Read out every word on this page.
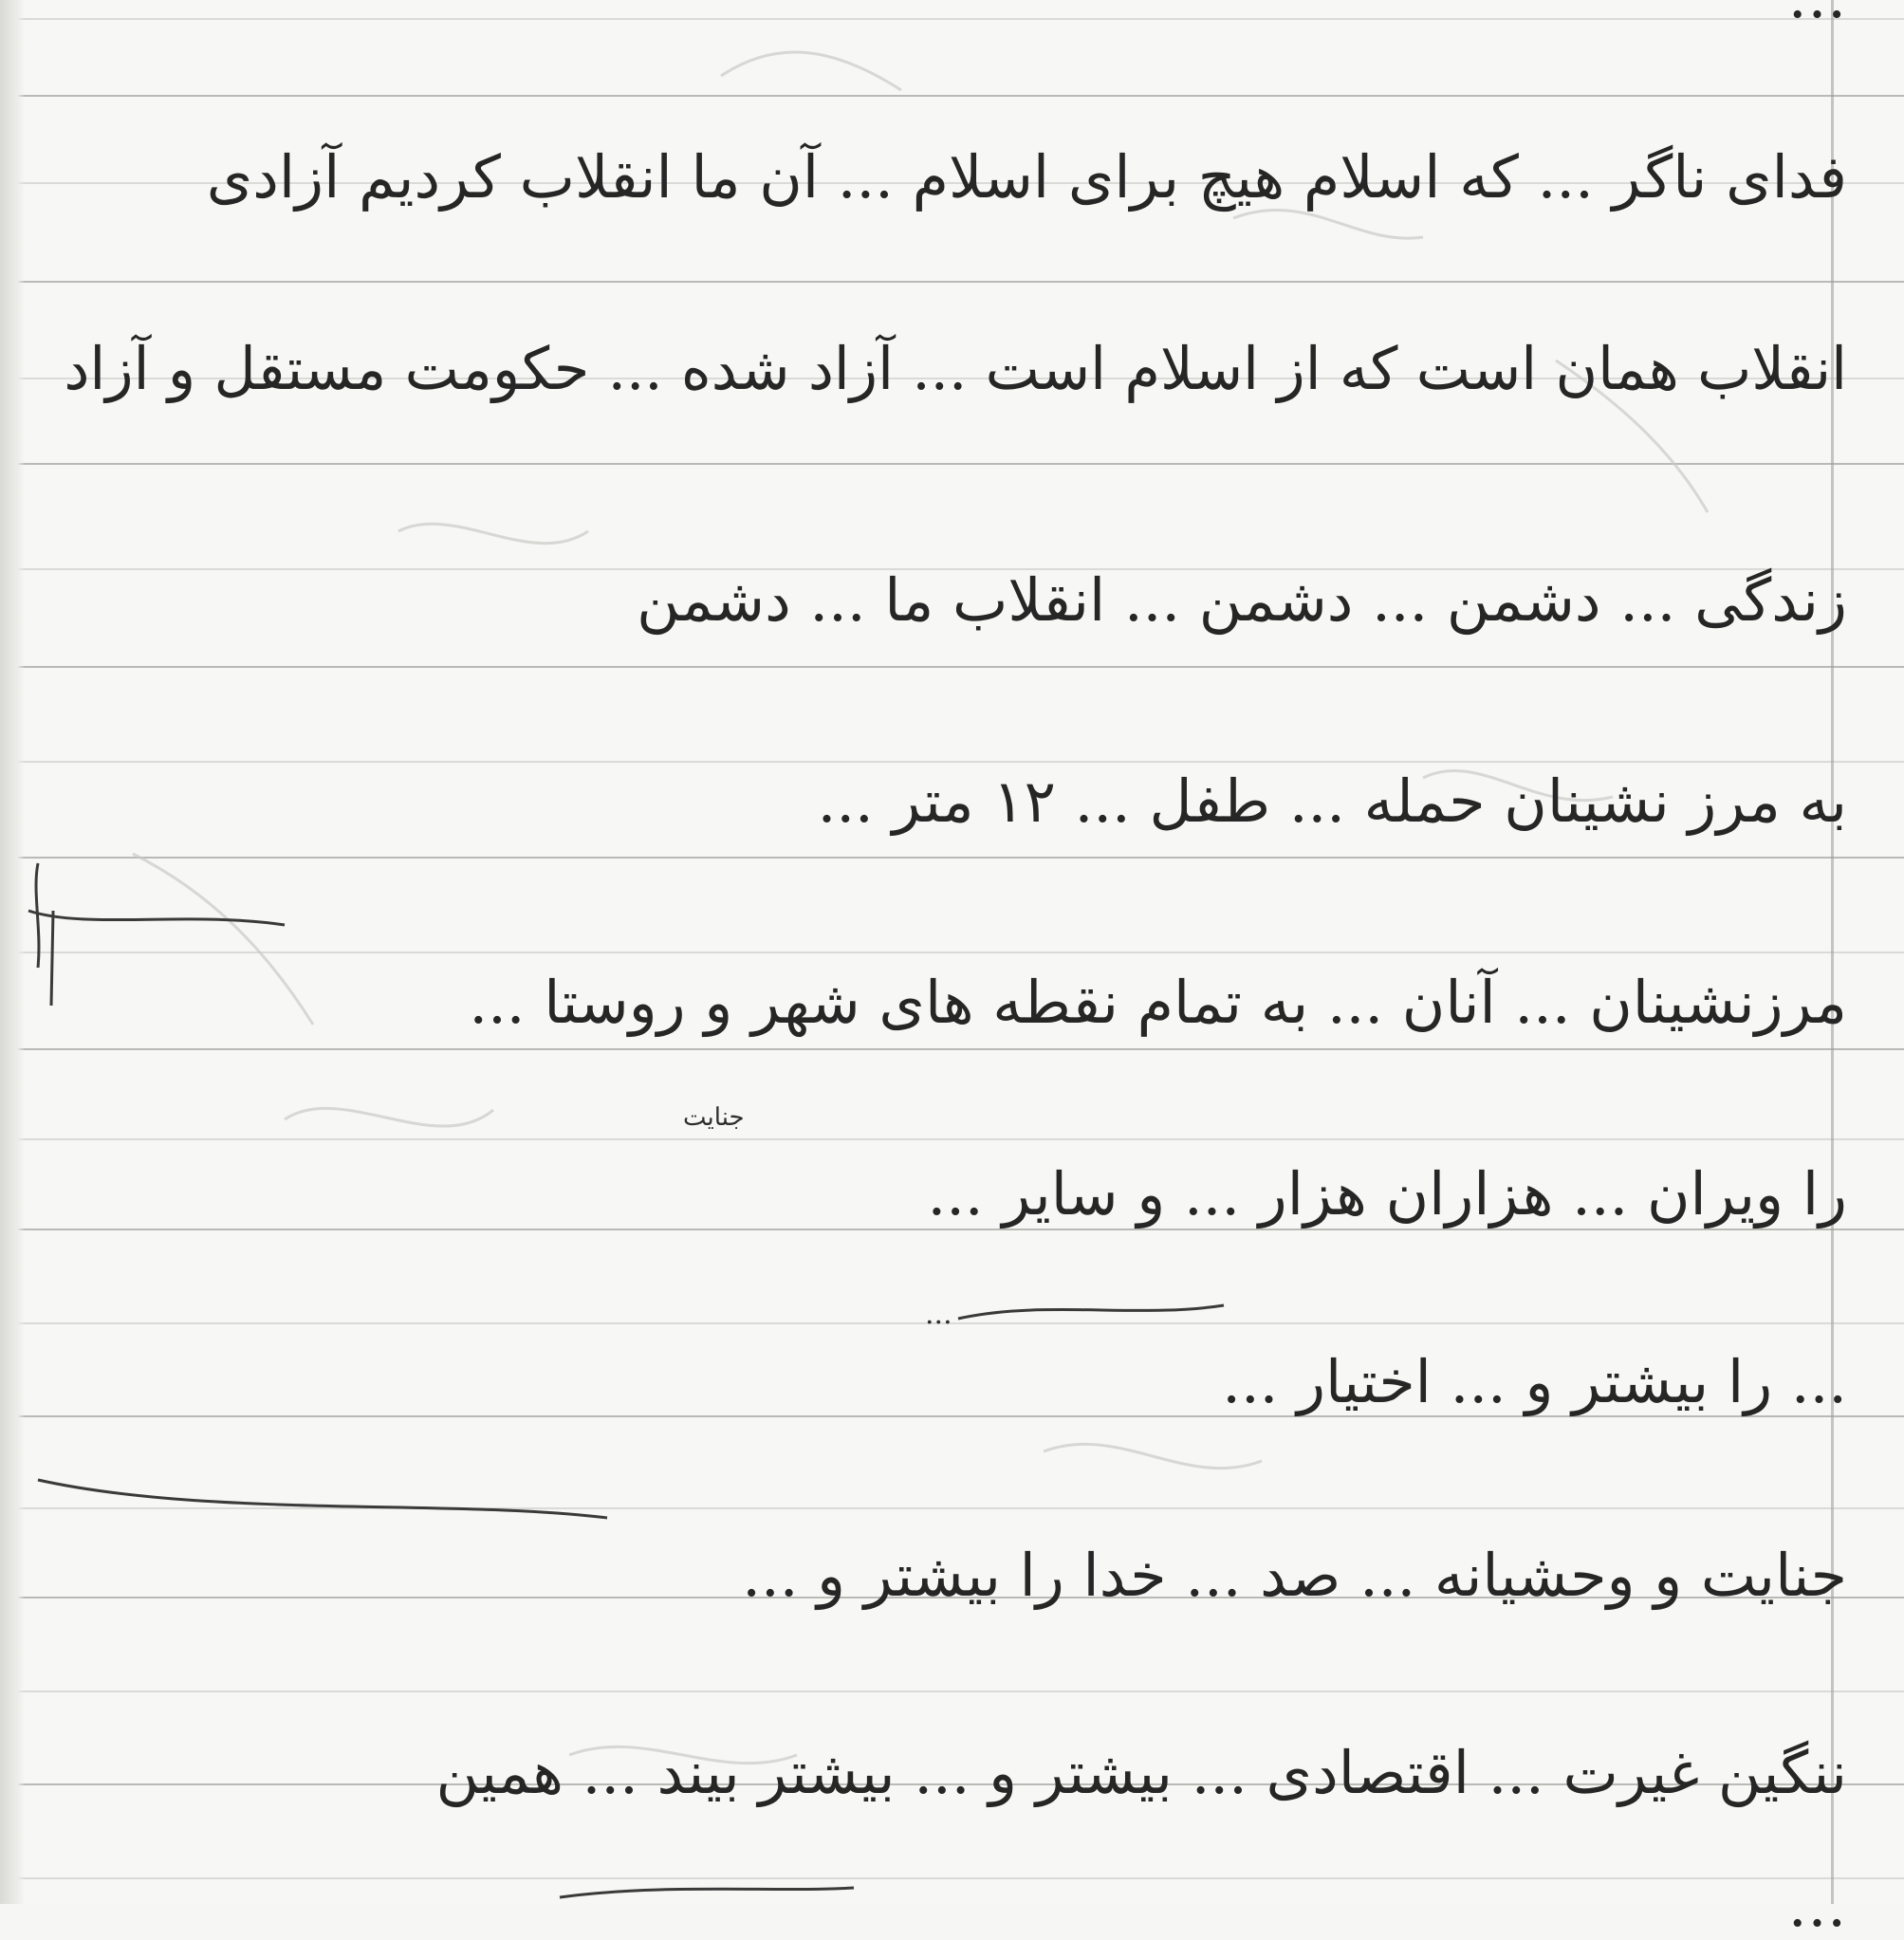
فدای ناگر ... که اسلام هیچ برای اسلام ... آن ما انقلاب کردیم آزادی
انقلاب همان است که از اسلام است ... آزاد شده ... حکومت مستقل و آزاد
زندگی ... دشمن ... دشمن ... انقلاب ما ... دشمن
به مرز نشینان حمله ... طفل ... ۱۲ متر ...
مرزنشینان ... آنان ... به تمام نقطه های شهر و روستا ...
را ویران ... هزاران هزار ... و سایر ...
... را بیشتر و ... اختیار ...
جنایت و وحشیانه ... صد ... خدا را بیشتر و ...
ننگین غیرت ... اقتصادی ... بیشتر و ... بیشتر بیند ... همین
...
جنایت
...
